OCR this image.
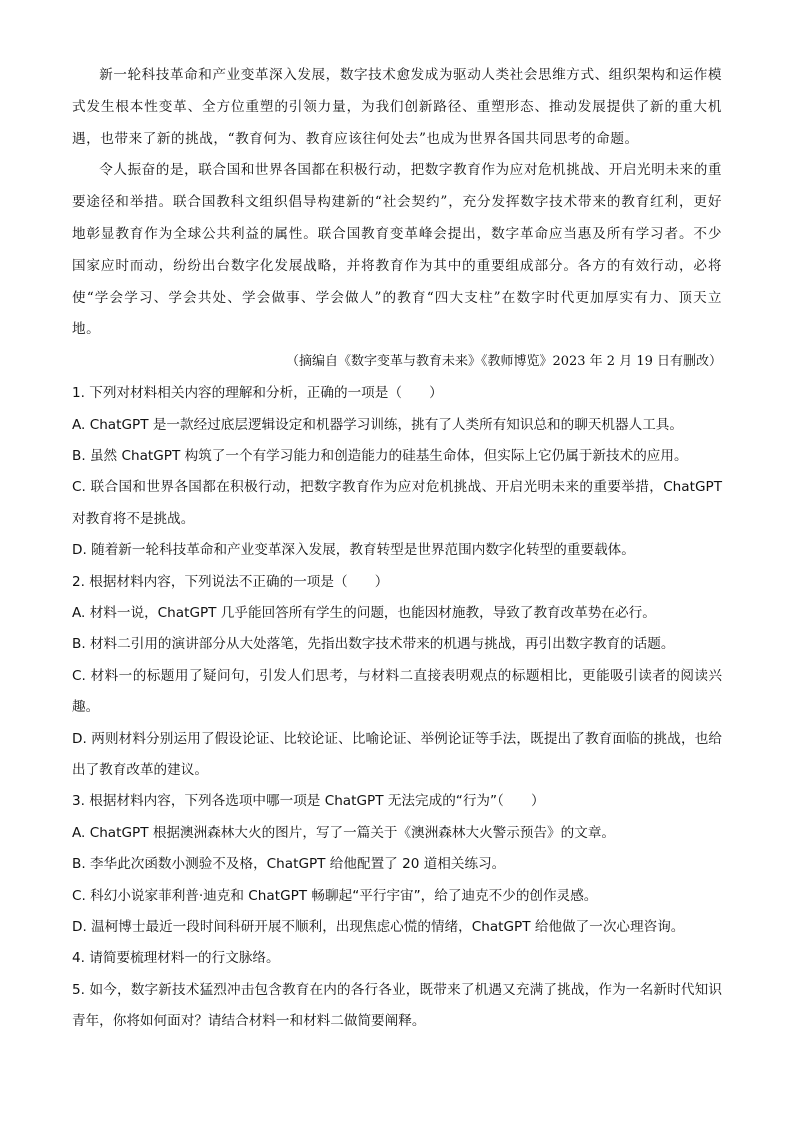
新一轮科技革命和产业变革深入发展，数字技术愈发成为驱动人类社会思维方式、组织架构和运作模式发生根本性变革、全方位重塑的引领力量，为我们创新路径、重塑形态、推动发展提供了新的重大机遇，也带来了新的挑战，“教育何为、教育应该往何处去”也成为世界各国共同思考的命题。

令人振奋的是，联合国和世界各国都在积极行动，把数字教育作为应对危机挑战、开启光明未来的重要途径和举措。联合国教科文组织倡导构建新的“社会契约”，充分发挥数字技术带来的教育红利，更好地彰显教育作为全球公共利益的属性。联合国教育变革峰会提出，数字革命应当惠及所有学习者。不少国家应时而动，纷纷出台数字化发展战略，并将教育作为其中的重要组成部分。各方的有效行动，必将使“学会学习、学会共处、学会做事、学会做人”的教育“四大支柱”在数字时代更加厚实有力、顶天立地。

（摘编自《数字变革与教育未来》《教师博览》2023 年 2 月 19 日有删改）

1. 下列对材料相关内容的理解和分析，正确的一项是（　　）

A. ChatGPT 是一款经过底层逻辑设定和机器学习训练，挑有了人类所有知识总和的聊天机器人工具。

B. 虽然 ChatGPT 构筑了一个有学习能力和创造能力的硅基生命体，但实际上它仍属于新技术的应用。

C. 联合国和世界各国都在积极行动，把数字教育作为应对危机挑战、开启光明未来的重要举措，ChatGPT 对教育将不是挑战。

D. 随着新一轮科技革命和产业变革深入发展，教育转型是世界范围内数字化转型的重要载体。

2. 根据材料内容，下列说法不正确的一项是（　　）

A. 材料一说，ChatGPT 几乎能回答所有学生的问题，也能因材施教，导致了教育改革势在必行。

B. 材料二引用的演讲部分从大处落笔，先指出数字技术带来的机遇与挑战，再引出数字教育的话题。

C. 材料一的标题用了疑问句，引发人们思考，与材料二直接表明观点的标题相比，更能吸引读者的阅读兴趣。

D. 两则材料分别运用了假设论证、比较论证、比喻论证、举例论证等手法，既提出了教育面临的挑战，也给出了教育改革的建议。

3. 根据材料内容，下列各选项中哪一项是 ChatGPT 无法完成的“行为”（　　）

A. ChatGPT 根据澳洲森林大火的图片，写了一篇关于《澳洲森林大火警示预告》的文章。

B. 李华此次函数小测验不及格，ChatGPT 给他配置了 20 道相关练习。

C. 科幻小说家菲利普·迪克和 ChatGPT 畅聊起“平行宇宙”，给了迪克不少的创作灵感。

D. 温柯博士最近一段时间科研开展不顺利，出现焦虑心慌的情绪，ChatGPT 给他做了一次心理咨询。

4. 请简要梳理材料一的行文脉络。

5. 如今，数字新技术猛烈冲击包含教育在内的各行各业，既带来了机遇又充满了挑战，作为一名新时代知识青年，你将如何面对？请结合材料一和材料二做简要阐释。
